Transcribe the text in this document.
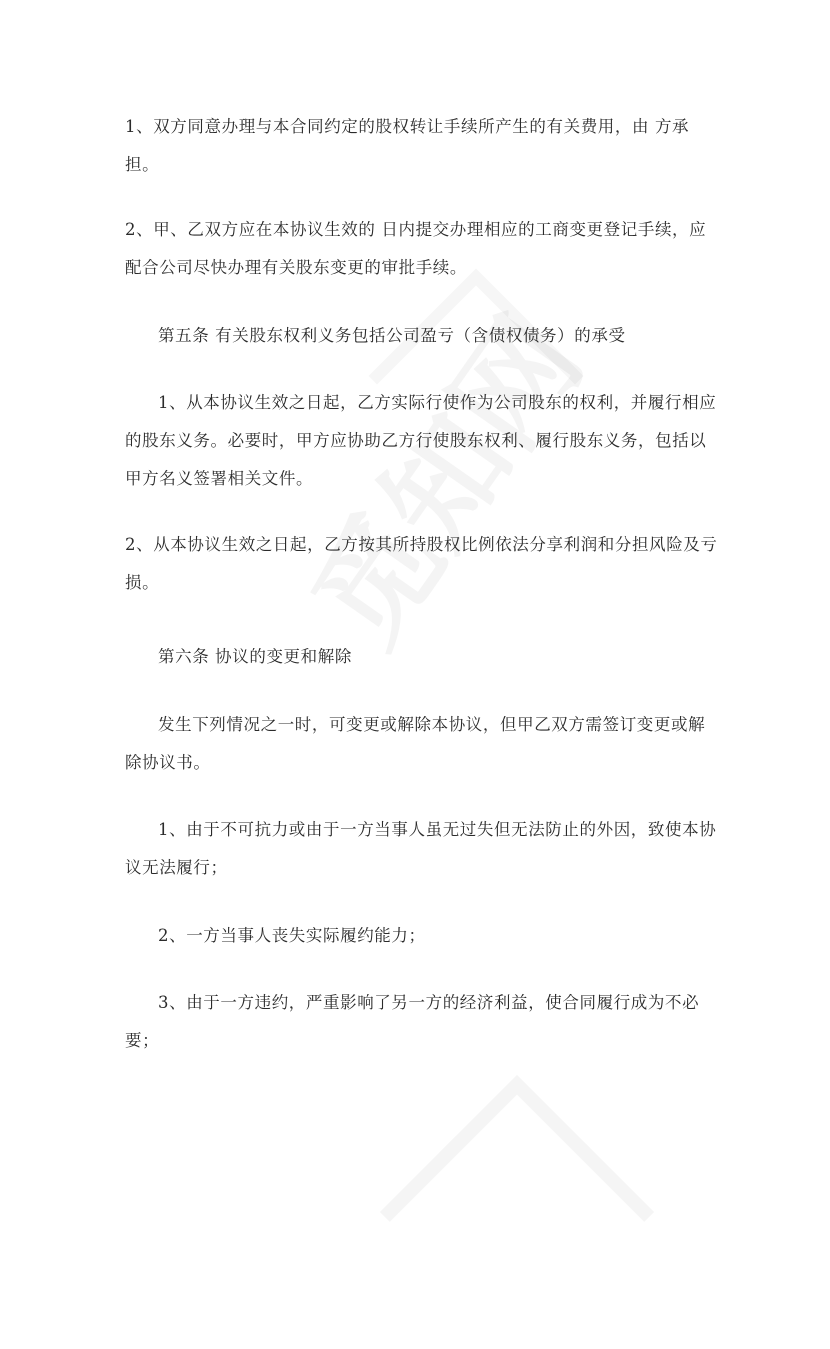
1、双方同意办理与本合同约定的股权转让手续所产生的有关费用，由 方承
担。
2、甲、乙双方应在本协议生效的 日内提交办理相应的工商变更登记手续，应
配合公司尽快办理有关股东变更的审批手续。
第五条 有关股东权利义务包括公司盈亏（含债权债务）的承受
1、从本协议生效之日起，乙方实际行使作为公司股东的权利，并履行相应
的股东义务。必要时，甲方应协助乙方行使股东权利、履行股东义务，包括以
甲方名义签署相关文件。
2、从本协议生效之日起，乙方按其所持股权比例依法分享利润和分担风险及亏
损。
第六条 协议的变更和解除
发生下列情况之一时，可变更或解除本协议，但甲乙双方需签订变更或解
除协议书。
1、由于不可抗力或由于一方当事人虽无过失但无法防止的外因，致使本协
议无法履行；
2、一方当事人丧失实际履约能力；
3、由于一方违约，严重影响了另一方的经济利益，使合同履行成为不必
要；
